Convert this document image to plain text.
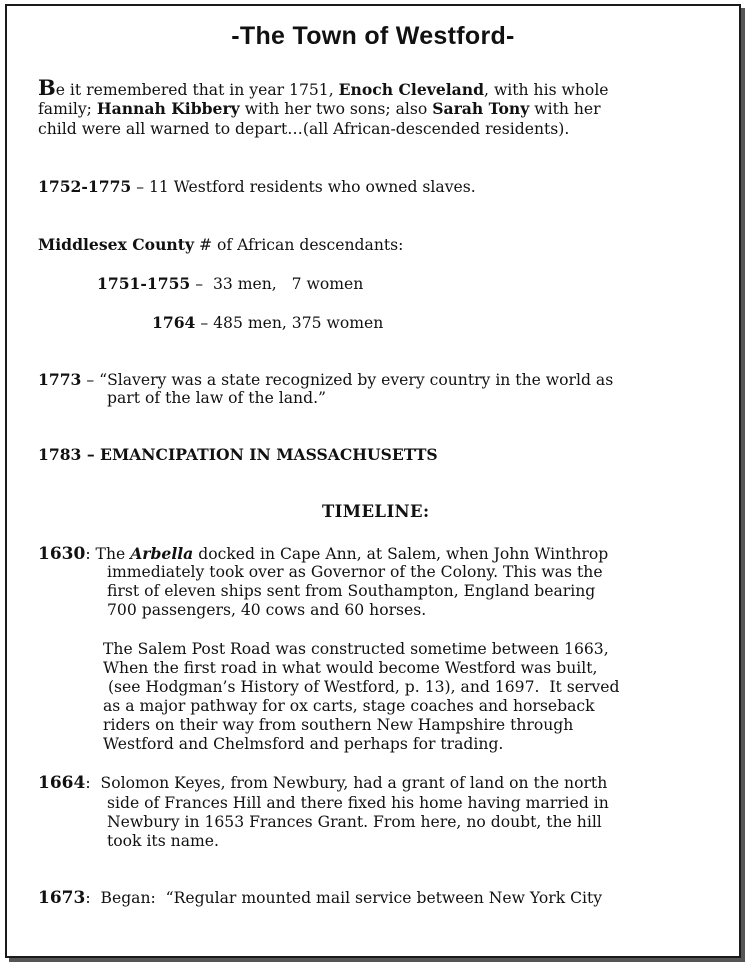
-The Town of Westford-
Be it remembered that in year 1751, Enoch Cleveland, with his whole
family; Hannah Kibbery with her two sons; also Sarah Tony with her
child were all warned to depart…(all African-descended residents).
1752-1775 – 11 Westford residents who owned slaves.
Middlesex County # of African descendants:
1751-1755 –  33 men,   7 women
1764 – 485 men, 375 women
1773 – “Slavery was a state recognized by every country in the world as
part of the law of the land.”
1783 – EMANCIPATION IN MASSACHUSETTS
TIMELINE:
1630: The Arbella docked in Cape Ann, at Salem, when John Winthrop
immediately took over as Governor of the Colony. This was the
first of eleven ships sent from Southampton, England bearing
700 passengers, 40 cows and 60 horses.
The Salem Post Road was constructed sometime between 1663,
When the first road in what would become Westford was built,
(see Hodgman’s History of Westford, p. 13), and 1697.  It served
as a major pathway for ox carts, stage coaches and horseback
riders on their way from southern New Hampshire through
Westford and Chelmsford and perhaps for trading.
1664:  Solomon Keyes, from Newbury, had a grant of land on the north
side of Frances Hill and there fixed his home having married in
Newbury in 1653 Frances Grant. From here, no doubt, the hill
took its name.
1673:  Began:  “Regular mounted mail service between New York City
